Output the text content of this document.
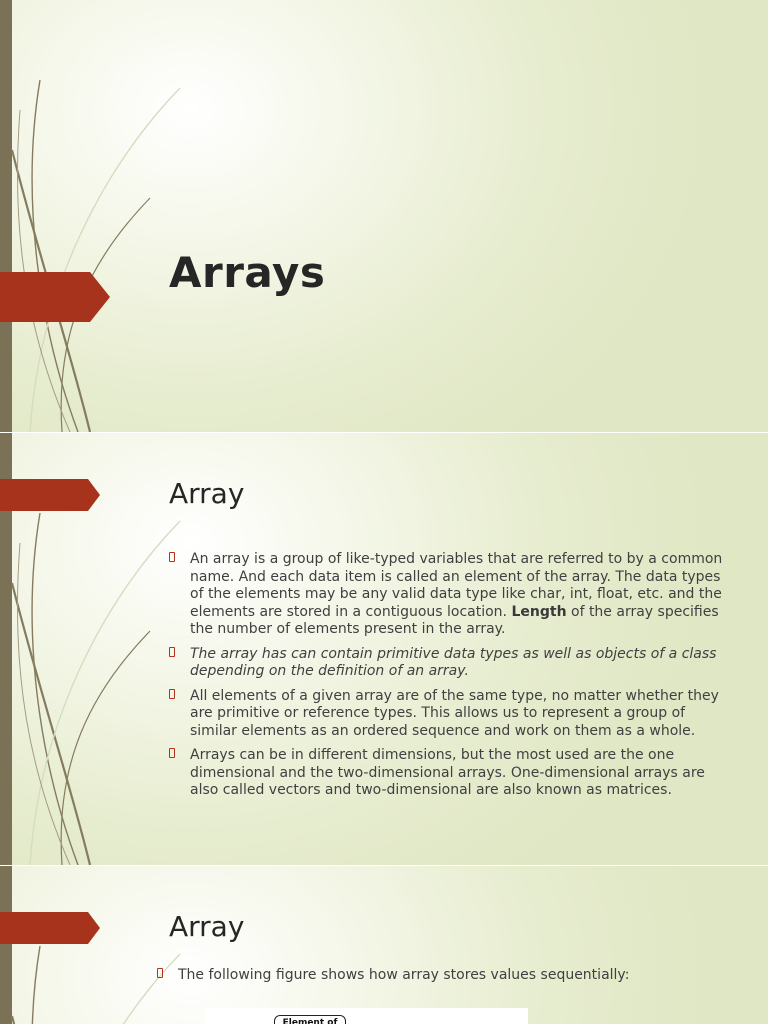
Arrays
Array
An array is a group of like-typed variables that are referred to by a common name. And each data item is called an element of the array. The data types of the elements may be any valid data type like char, int, float, etc. and the elements are stored in a contiguous location. Length of the array specifies the number of elements present in the array.
The array has can contain primitive data types as well as objects of a class depending on the definition of an array.
All elements of a given array are of the same type, no matter whether they are primitive or reference types. This allows us to represent a group of similar elements as an ordered sequence and work on them as a whole.
Arrays can be in different dimensions, but the most used are the one dimensional and the two-dimensional arrays. One-dimensional arrays are also called vectors and two-dimensional are also known as matrices.
Array
The following figure shows how array stores values sequentially:
Element of
